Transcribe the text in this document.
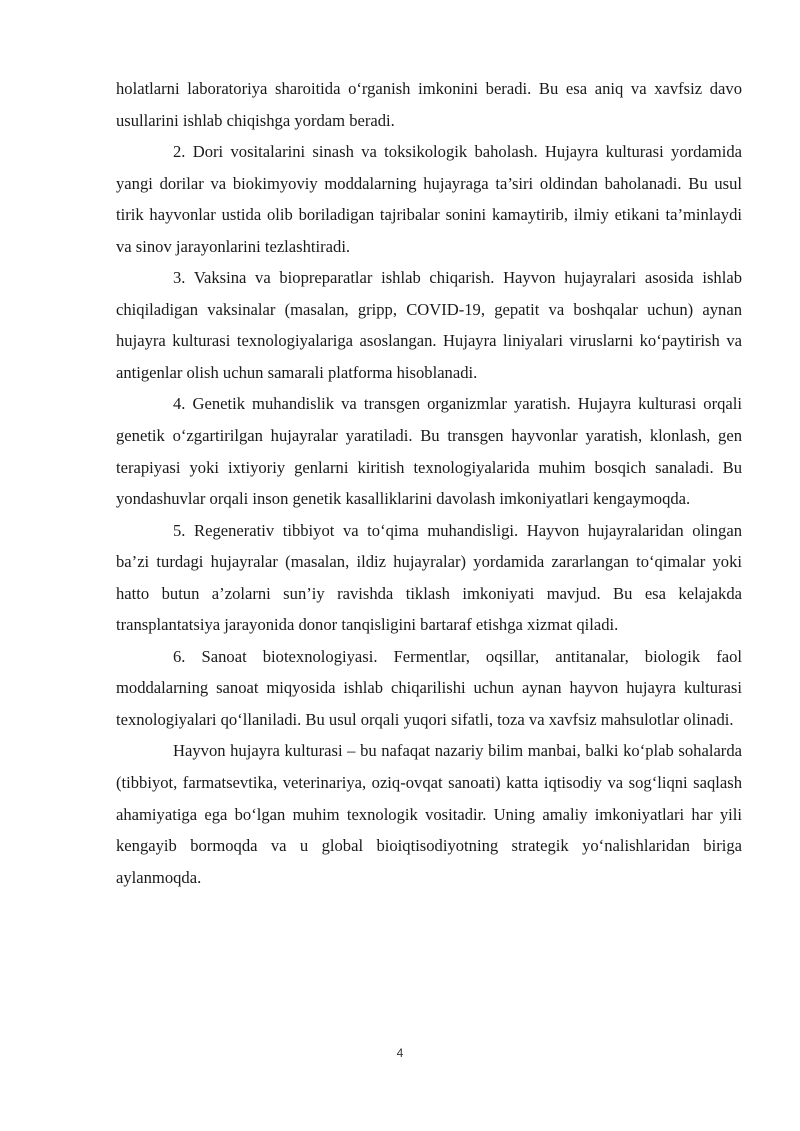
holatlarni laboratoriya sharoitida o‘rganish imkonini beradi. Bu esa aniq va xavfsiz davo usullarini ishlab chiqishga yordam beradi.

2. Dori vositalarini sinash va toksikologik baholash. Hujayra kulturasi yordamida yangi dorilar va biokimyoviy moddalarning hujayraga ta’siri oldindan baholanadi. Bu usul tirik hayvonlar ustida olib boriladigan tajribalar sonini kamaytirib, ilmiy etikani ta’minlaydi va sinov jarayonlarini tezlashtiradi.

3. Vaksina va biopreparatlar ishlab chiqarish. Hayvon hujayralari asosida ishlab chiqiladigan vaksinalar (masalan, gripp, COVID-19, gepatit va boshqalar uchun) aynan hujayra kulturasi texnologiyalariga asoslangan. Hujayra liniyalari viruslarni ko‘paytirish va antigenlar olish uchun samarali platforma hisoblanadi.

4. Genetik muhandislik va transgen organizmlar yaratish. Hujayra kulturasi orqali genetik o‘zgartirilgan hujayralar yaratiladi. Bu transgen hayvonlar yaratish, klonlash, gen terapiyasi yoki ixtiyoriy genlarni kiritish texnologiyalarida muhim bosqich sanaladi. Bu yondashuvlar orqali inson genetik kasalliklarini davolash imkoniyatlari kengaymoqda.

5. Regenerativ tibbiyot va to‘qima muhandisligi. Hayvon hujayralaridan olingan ba’zi turdagi hujayralar (masalan, ildiz hujayralar) yordamida zararlangan to‘qimalar yoki hatto butun a’zolarni sun’iy ravishda tiklash imkoniyati mavjud. Bu esa kelajakda transplantatsiya jarayonida donor tanqisligini bartaraf etishga xizmat qiladi.

6. Sanoat biotexnologiyasi. Fermentlar, oqsillar, antitanalar, biologik faol moddalarning sanoat miqyosida ishlab chiqarilishi uchun aynan hayvon hujayra kulturasi texnologiyalari qo‘llaniladi. Bu usul orqali yuqori sifatli, toza va xavfsiz mahsulotlar olinadi.

Hayvon hujayra kulturasi – bu nafaqat nazariy bilim manbai, balki ko‘plab sohalarda (tibbiyot, farmatsevtika, veterinariya, oziq-ovqat sanoati) katta iqtisodiy va sog‘liqni saqlash ahamiyatiga ega bo‘lgan muhim texnologik vositadir. Uning amaliy imkoniyatlari har yili kengayib bormoqda va u global bioiqtisodiyotning strategik yo‘nalishlaridan biriga aylanmoqda.

4
